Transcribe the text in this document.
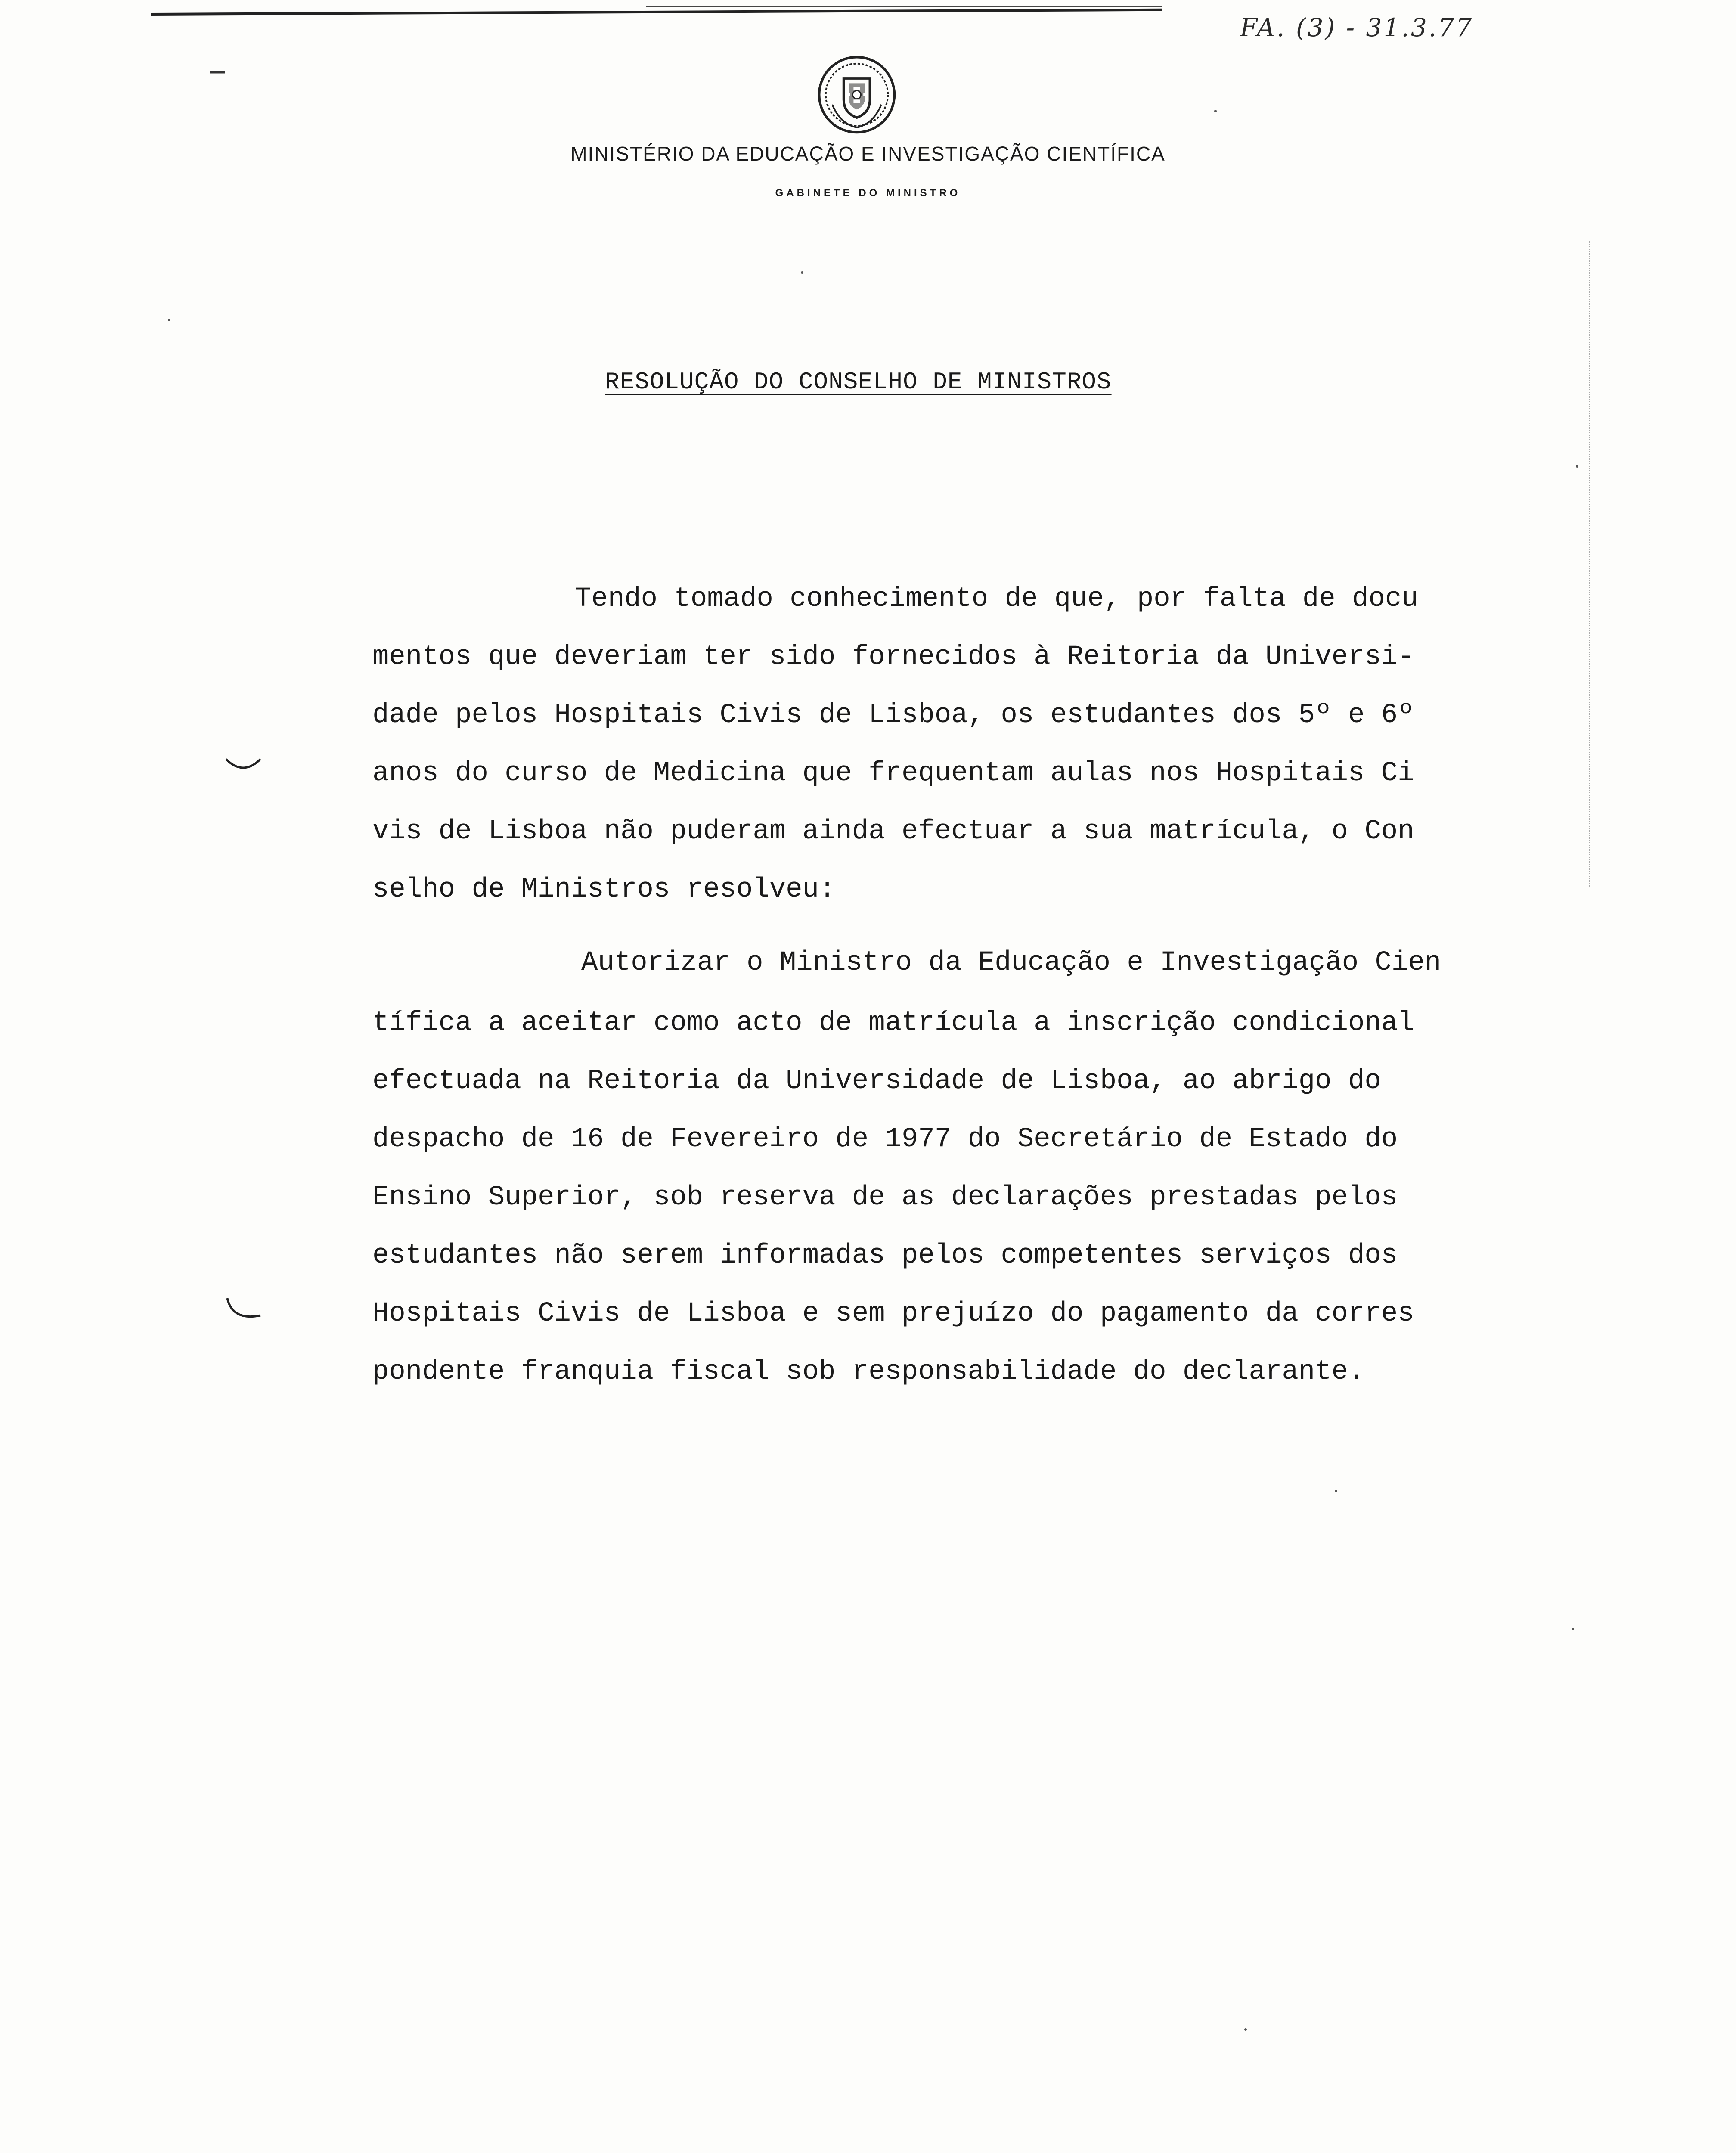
FA. (3) - 31.3.77
MINISTÉRIO DA EDUCAÇÃO E INVESTIGAÇÃO CIENTÍFICA
GABINETE DO MINISTRO
RESOLUÇÃO DO CONSELHO DE MINISTROS
Tendo tomado conhecimento de que, por falta de docu
mentos que deveriam ter sido fornecidos à Reitoria da Universi-
dade pelos Hospitais Civis de Lisboa, os estudantes dos 5º e 6º
anos do curso de Medicina que frequentam aulas nos Hospitais Ci
vis de Lisboa não puderam ainda efectuar a sua matrícula, o Con
selho de Ministros resolveu:
Autorizar o Ministro da Educação e Investigação Cien
tífica a aceitar como acto de matrícula a inscrição condicional
efectuada na Reitoria da Universidade de Lisboa, ao abrigo do
despacho de 16 de Fevereiro de 1977 do Secretário de Estado do
Ensino Superior, sob reserva de as declarações prestadas pelos
estudantes não serem informadas pelos competentes serviços dos
Hospitais Civis de Lisboa e sem prejuízo do pagamento da corres
pondente franquia fiscal sob responsabilidade do declarante.
